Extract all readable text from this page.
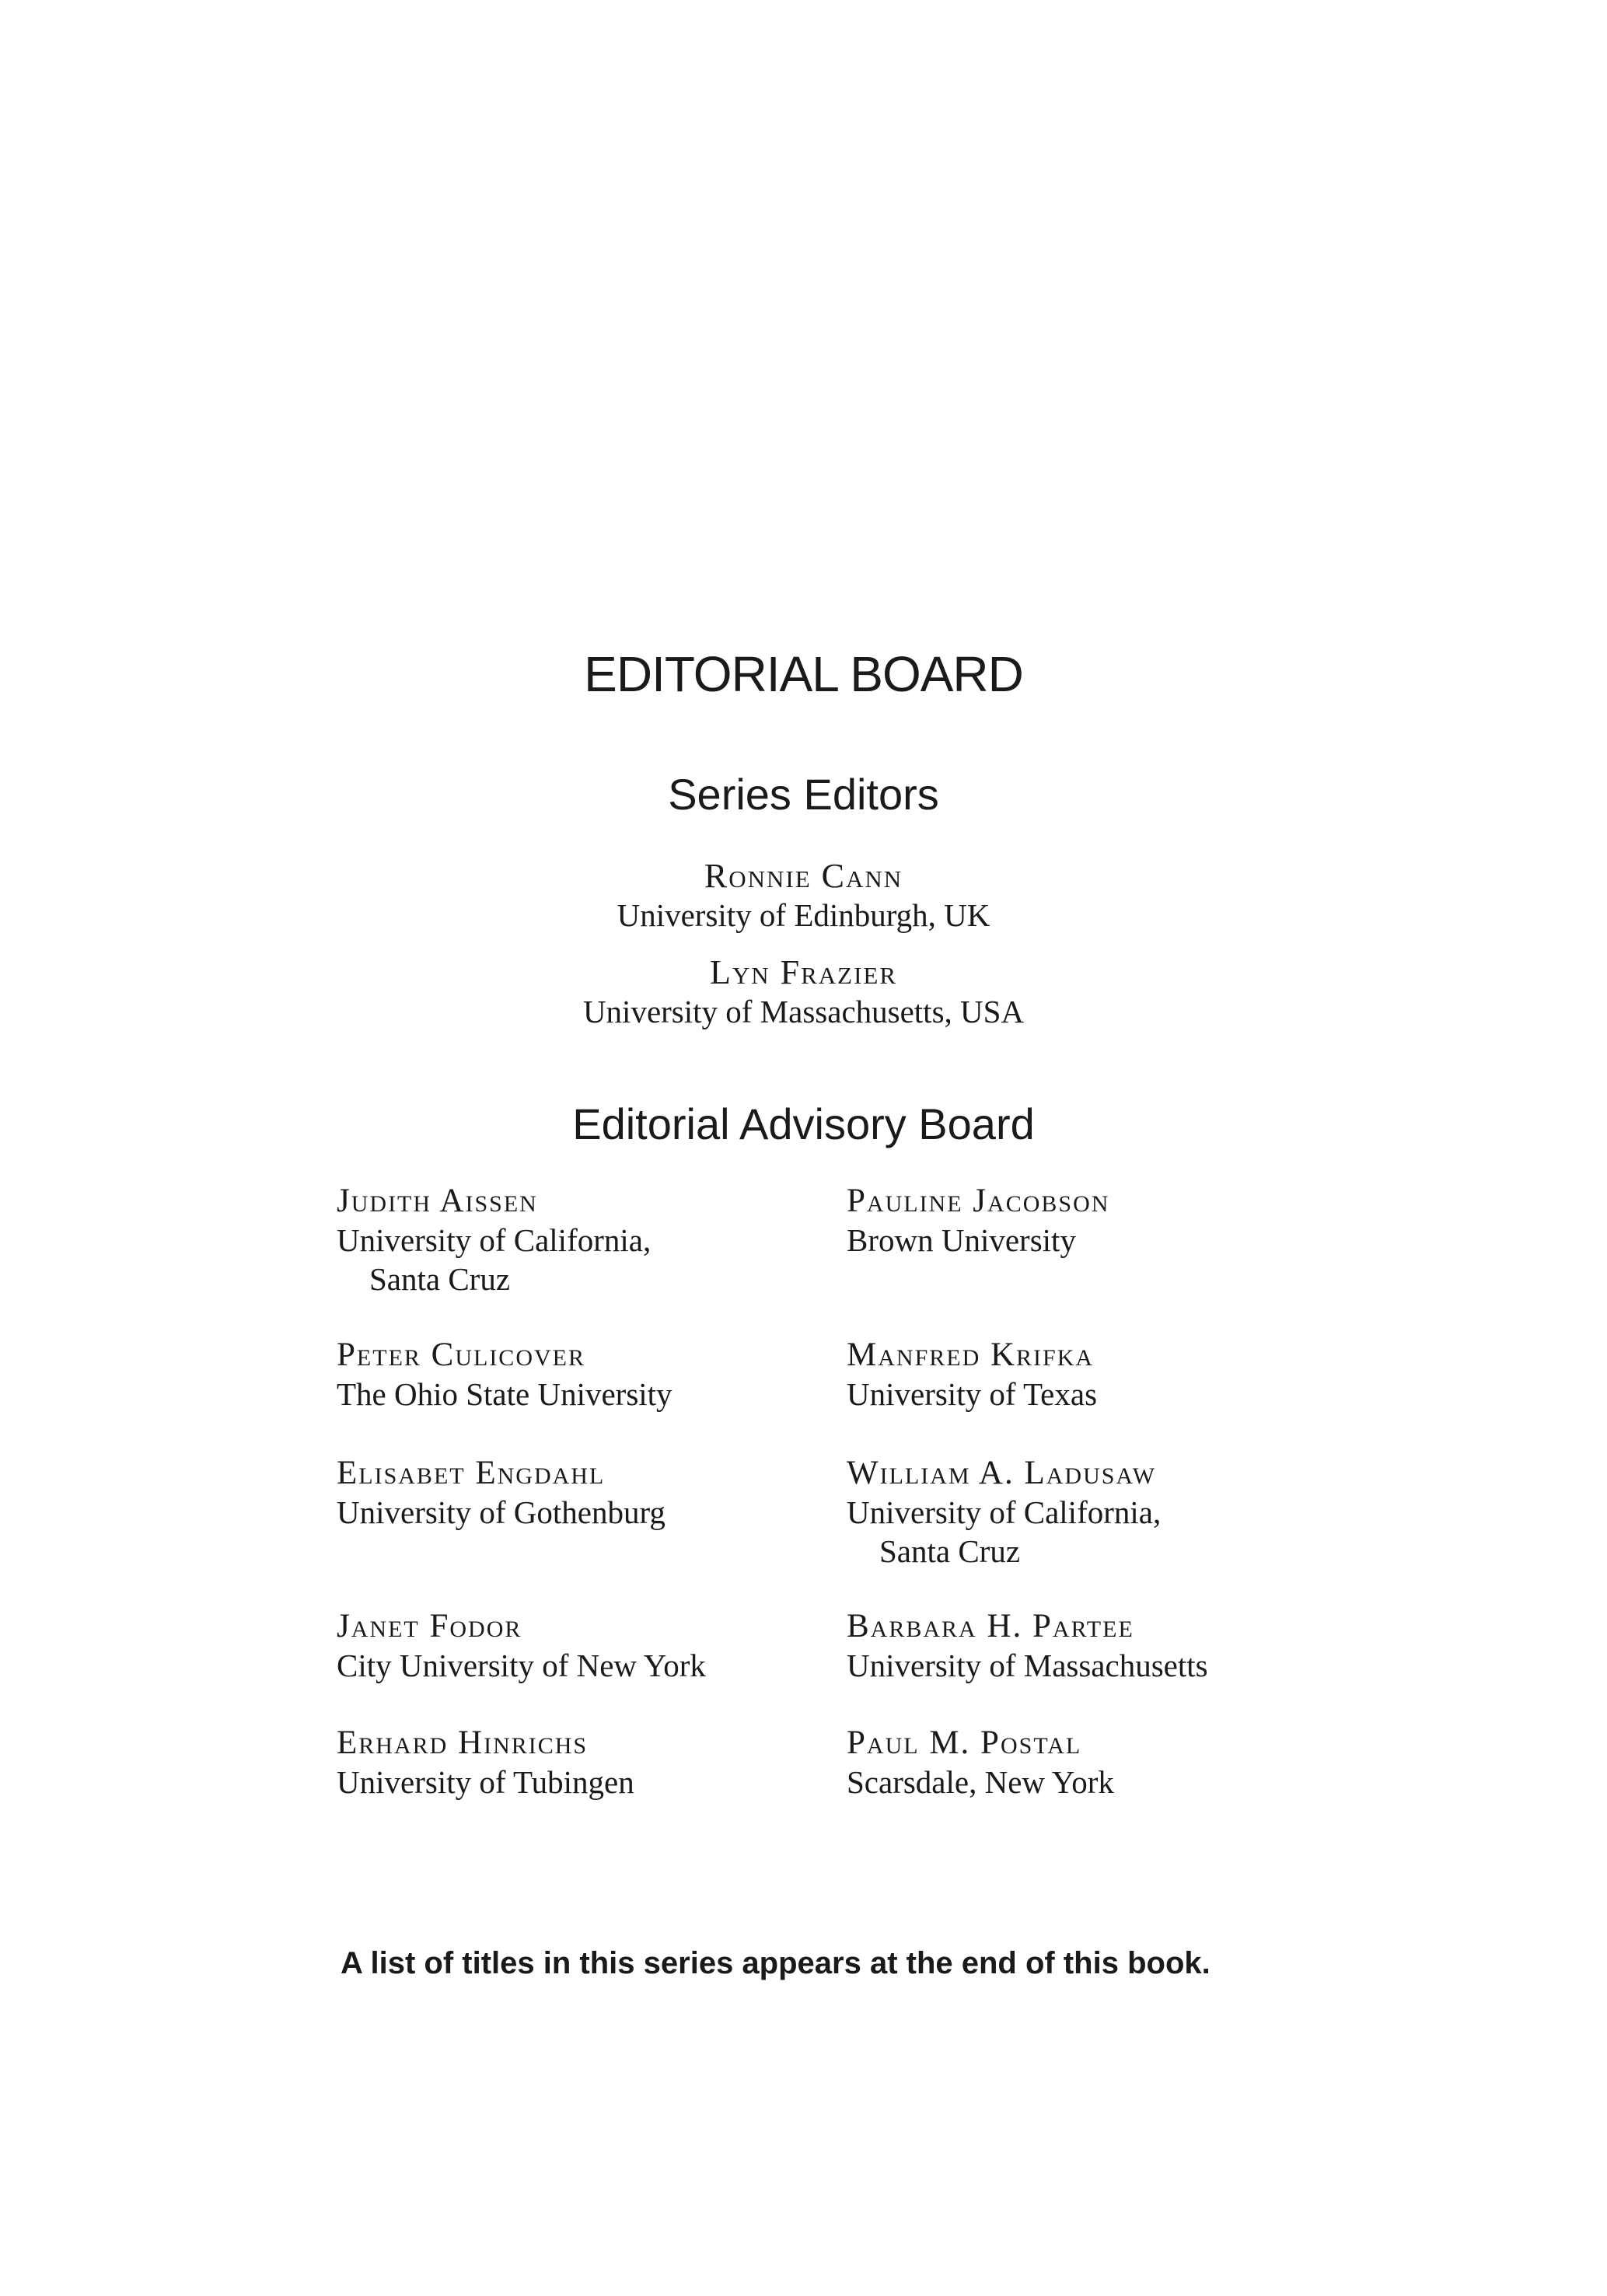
EDITORIAL BOARD
Series Editors
Ronnie Cann
University of Edinburgh, UK
Lyn Frazier
University of Massachusetts, USA
Editorial Advisory Board
Judith Aissen
University of California,
Santa Cruz
Peter Culicover
The Ohio State University
Elisabet Engdahl
University of Gothenburg
Janet Fodor
City University of New York
Erhard Hinrichs
University of Tubingen
Pauline Jacobson
Brown University
Manfred Krifka
University of Texas
William A. Ladusaw
University of California,
Santa Cruz
Barbara H. Partee
University of Massachusetts
Paul M. Postal
Scarsdale, New York
A list of titles in this series appears at the end of this book.
